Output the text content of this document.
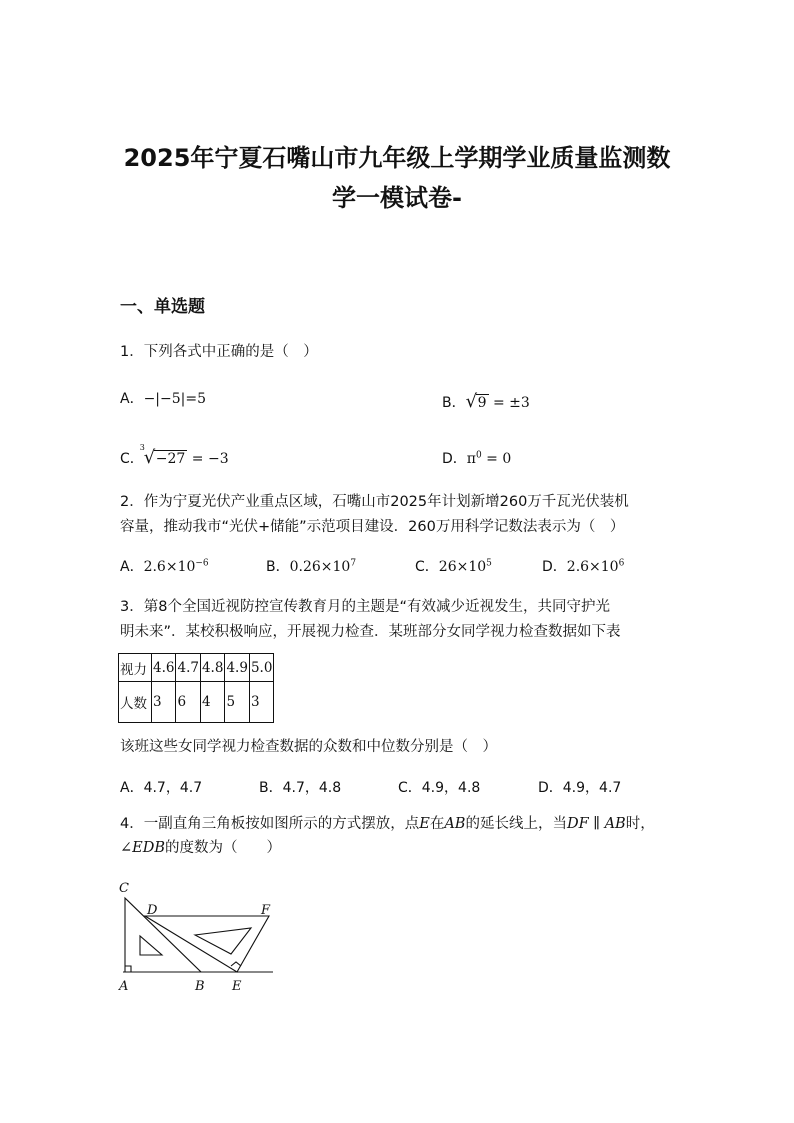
2025年宁夏石嘴山市九年级上学期学业质量监测数
学一模试卷-
一、单选题
1．下列各式中正确的是（　）
A．−|−5|=5	B． √ 9 = ±3
C．
3
√ −27 = −3	D．$\pi^0 = 0$
2．作为宁夏光伏产业重点区域，石嘴山市2025年计划新增260万千瓦光伏装机
容量，推动我市“光伏+储能”示范项目建设．260万用科学记数法表示为（　）
A．$2.6\times 10^{-6}$	B．$0.26\times 10^7$	C．$26\times 10^5$	D．$2.6\times 10^6$
3．第8个全国近视防控宣传教育月的主题是“有效减少近视发生，共同守护光
明未来”．某校积极响应，开展视力检查．某班部分女同学视力检查数据如下表
视力	4.6	4.7	4.8	4.9	5.0
人数	3	6	4	5	3
该班这些女同学视力检查数据的众数和中位数分别是（　）
A．4.7，4.7	B．4.7，4.8	C．4.9，4.8	D．4.9，4.7
4．一副直角三角板按如图所示的方式摆放，点E在AB的延长线上，当DF ∥ AB时，
∠EDB的度数为（　　）
C
D	F
A	B E
